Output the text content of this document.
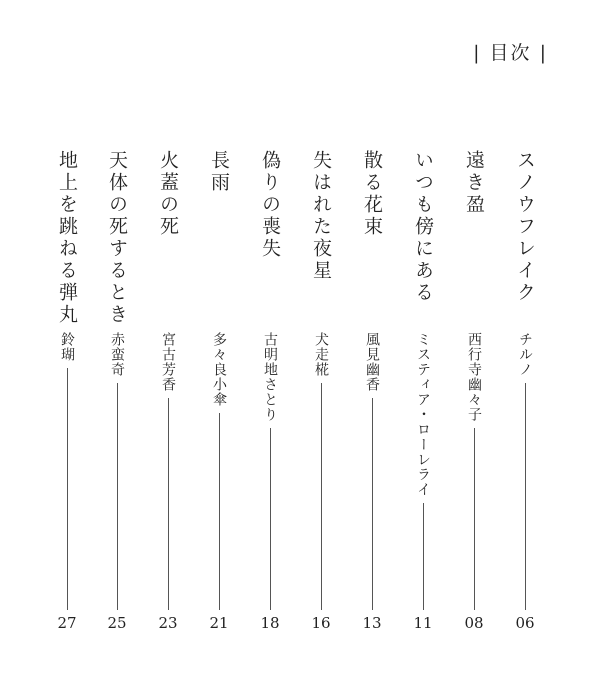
| 目次 |
スノウフレイク
チルノ
06
遠き盈
西行寺幽々子
08
いつも傍にある
ミスティア・ローレライ
11
散る花束
風見幽香
13
失はれた夜星
犬走椛
16
偽りの喪失
古明地さとり
18
長雨
多々良小傘
21
火蓋の死
宮古芳香
23
天体の死するとき
赤蛮奇
25
地上を跳ねる弾丸
鈴瑚
27
